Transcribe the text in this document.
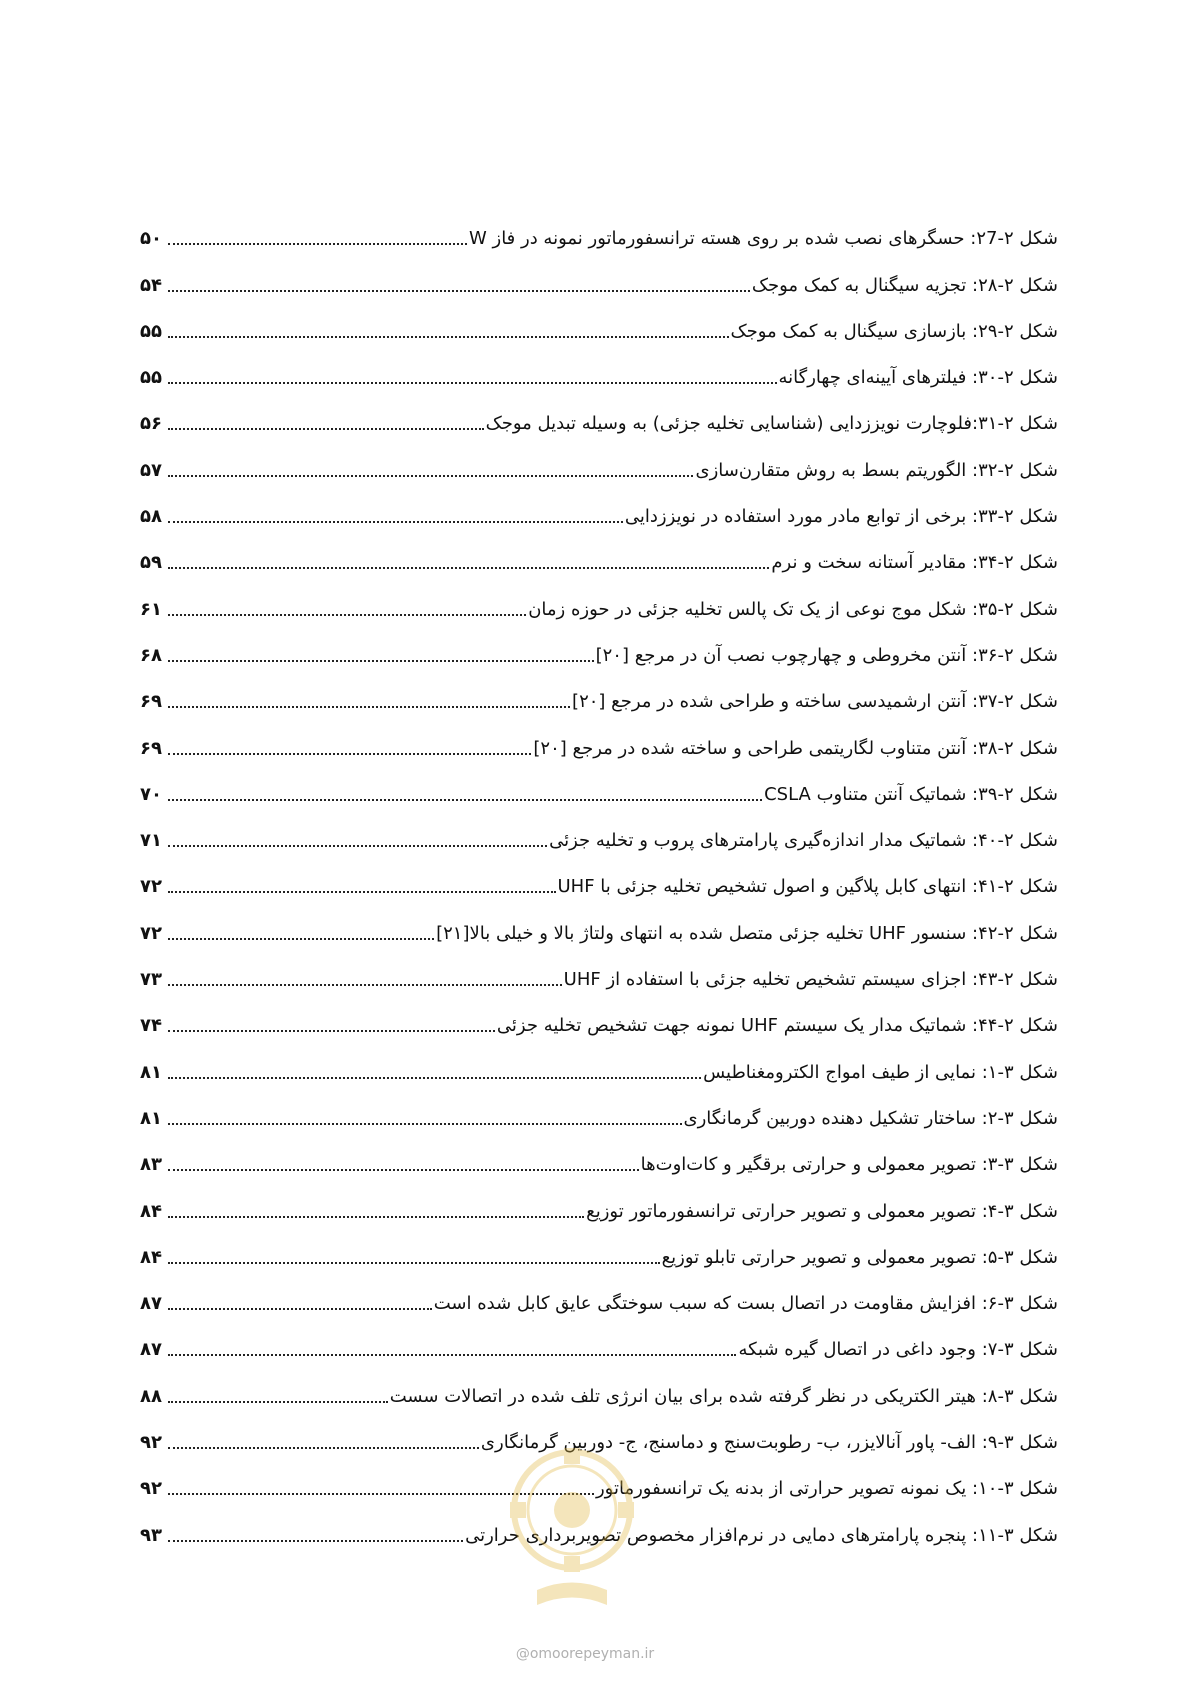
شکل ۲-۲7: حسگرهای نصب شده بر روی هسته ترانسفورماتور نمونه در فاز W
۵۰
شکل ۲-۲۸: تجزیه سیگنال به کمک موجک
۵۴
شکل ۲-۲۹: بازسازی سیگنال به کمک موجک
۵۵
شکل ۲-۳۰: فیلترهای آیینه‌ای چهارگانه
۵۵
شکل ۲-۳۱:فلوچارت نویززدایی (شناسایی تخلیه جزئی) به وسیله تبدیل موجک
۵۶
شکل ۲-۳۲: الگوریتم بسط به روش متقارن‌سازی
۵۷
شکل ۲-۳۳: برخی از توابع مادر مورد استفاده در نویززدایی
۵۸
شکل ۲-۳۴: مقادیر آستانه سخت و نرم
۵۹
شکل ۲-۳۵: شکل موج نوعی از یک تک پالس تخلیه جزئی در حوزه زمان
۶۱
شکل ۲-۳۶: آنتن مخروطی و چهارچوب نصب آن در مرجع [۲۰]
۶۸
شکل ۲-۳۷: آنتن ارشمیدسی ساخته و طراحی شده در مرجع [۲۰]
۶۹
شکل ۲-۳۸: آنتن متناوب لگاریتمی طراحی و ساخته شده در مرجع [۲۰]
۶۹
شکل ۲-۳۹: شماتیک آنتن متناوب CSLA
۷۰
شکل ۲-۴۰: شماتیک مدار اندازه‌گیری پارامترهای پروب و تخلیه جزئی
۷۱
شکل ۲-۴۱: انتهای کابل پلاگین و اصول تشخیص تخلیه جزئی با UHF
۷۲
شکل ۲-۴۲: سنسور UHF تخلیه جزئی متصل شده به انتهای ولتاژ بالا و خیلی بالا[۲۱]
۷۲
شکل ۲-۴۳: اجزای سیستم تشخیص تخلیه جزئی با استفاده از UHF
۷۳
شکل ۲-۴۴: شماتیک مدار یک سیستم UHF نمونه جهت تشخیص تخلیه جزئی
۷۴
شکل ۳-۱: نمایی از طیف امواج الکترومغناطیس
۸۱
شکل ۳-۲: ساختار تشکیل دهنده دوربین گرمانگاری
۸۱
شکل ۳-۳: تصویر معمولی و حرارتی برقگیر و کات‌اوت‌ها
۸۳
شکل ۳-۴: تصویر معمولی و تصویر حرارتی ترانسفورماتور توزیع
۸۴
شکل ۳-۵: تصویر معمولی و تصویر حرارتی تابلو توزیع
۸۴
شکل ۳-۶: افزایش مقاومت در اتصال بست که سبب سوختگی عایق کابل شده است
۸۷
شکل ۳-۷: وجود داغی در اتصال گیره شبکه
۸۷
شکل ۳-۸: هیتر الکتریکی در نظر گرفته شده برای بیان انرژی تلف شده در اتصالات سست
۸۸
شکل ۳-۹: الف- پاور آنالایزر، ب- رطوبت‌سنج و دماسنج، ج- دوربین گرمانگاری
۹۲
شکل ۳-۱۰: یک نمونه تصویر حرارتی از بدنه یک ترانسفورماتور
۹۲
شکل ۳-۱۱: پنجره پارامترهای دمایی در نرم‌افزار مخصوص تصویربرداری حرارتی
۹۳
@omoorepeyman.ir
